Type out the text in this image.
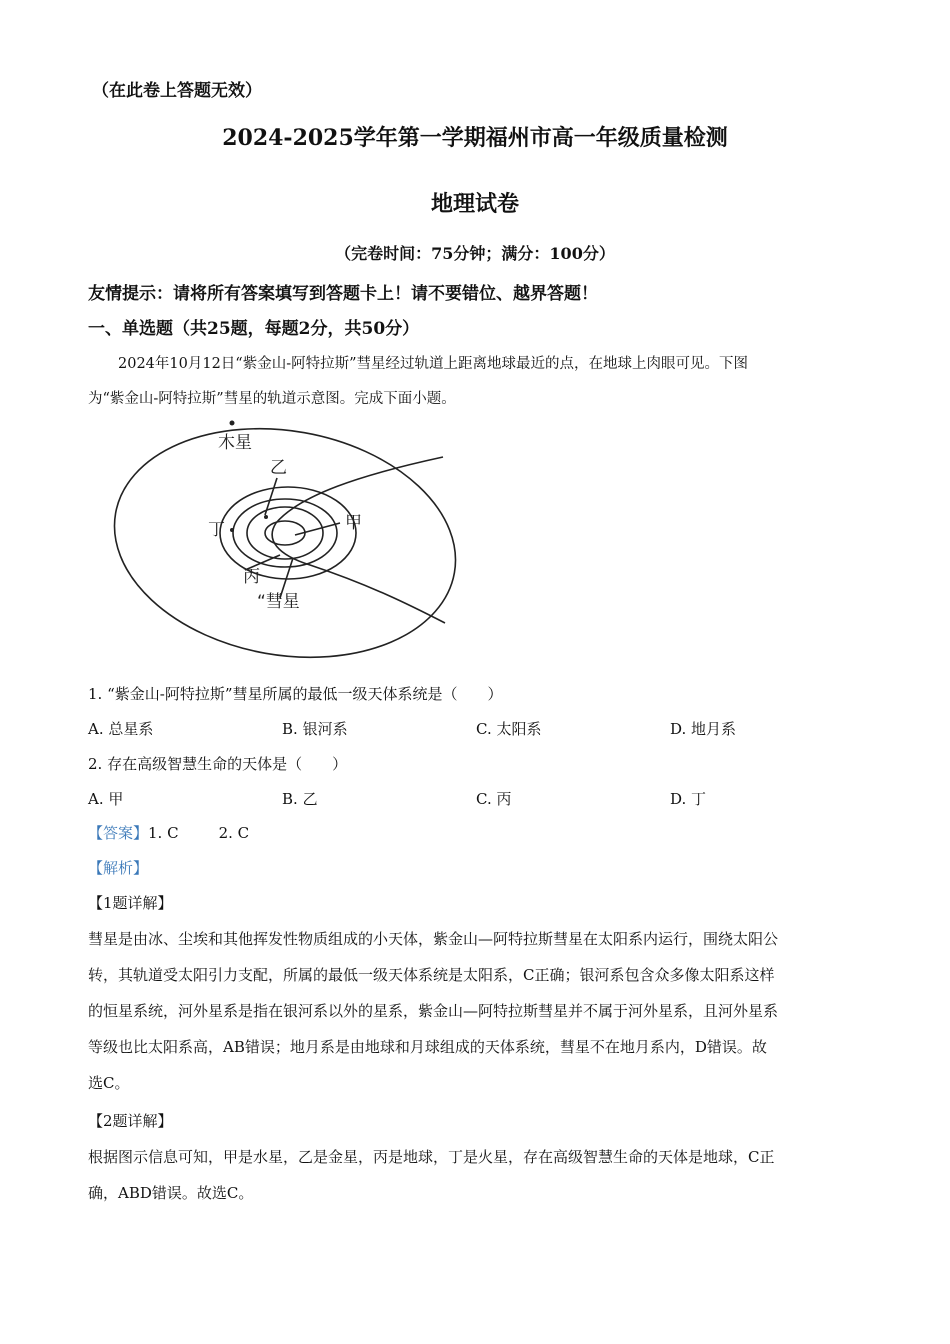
（在此卷上答题无效）
2024-2025学年第一学期福州市高一年级质量检测
地理试卷
（完卷时间：75分钟；满分：100分）
友情提示：请将所有答案填写到答题卡上！请不要错位、越界答题！
一、单选题（共25题，每题2分，共50分）
2024年10月12日“紫金山-阿特拉斯”彗星经过轨道上距离地球最近的点，在地球上肉眼可见。下图
为“紫金山-阿特拉斯”彗星的轨道示意图。完成下面小题。
木星
乙
甲
丁
丙
“彗星
1. “紫金山-阿特拉斯”彗星所属的最低一级天体系统是（　　）
A. 总星系	B. 银河系	C. 太阳系	D. 地月系
2. 存在高级智慧生命的天体是（　　）
A. 甲	B. 乙	C. 丙	D. 丁
【答案】1. C	2. C
【解析】
【1题详解】
彗星是由冰、尘埃和其他挥发性物质组成的小天体，紫金山—阿特拉斯彗星在太阳系内运行，围绕太阳公
转，其轨道受太阳引力支配，所属的最低一级天体系统是太阳系，C正确；银河系包含众多像太阳系这样
的恒星系统，河外星系是指在银河系以外的星系，紫金山—阿特拉斯彗星并不属于河外星系，且河外星系
等级也比太阳系高，AB错误；地月系是由地球和月球组成的天体系统，彗星不在地月系内，D错误。故
选C。
【2题详解】
根据图示信息可知，甲是水星，乙是金星，丙是地球，丁是火星，存在高级智慧生命的天体是地球，C正
确，ABD错误。故选C。
